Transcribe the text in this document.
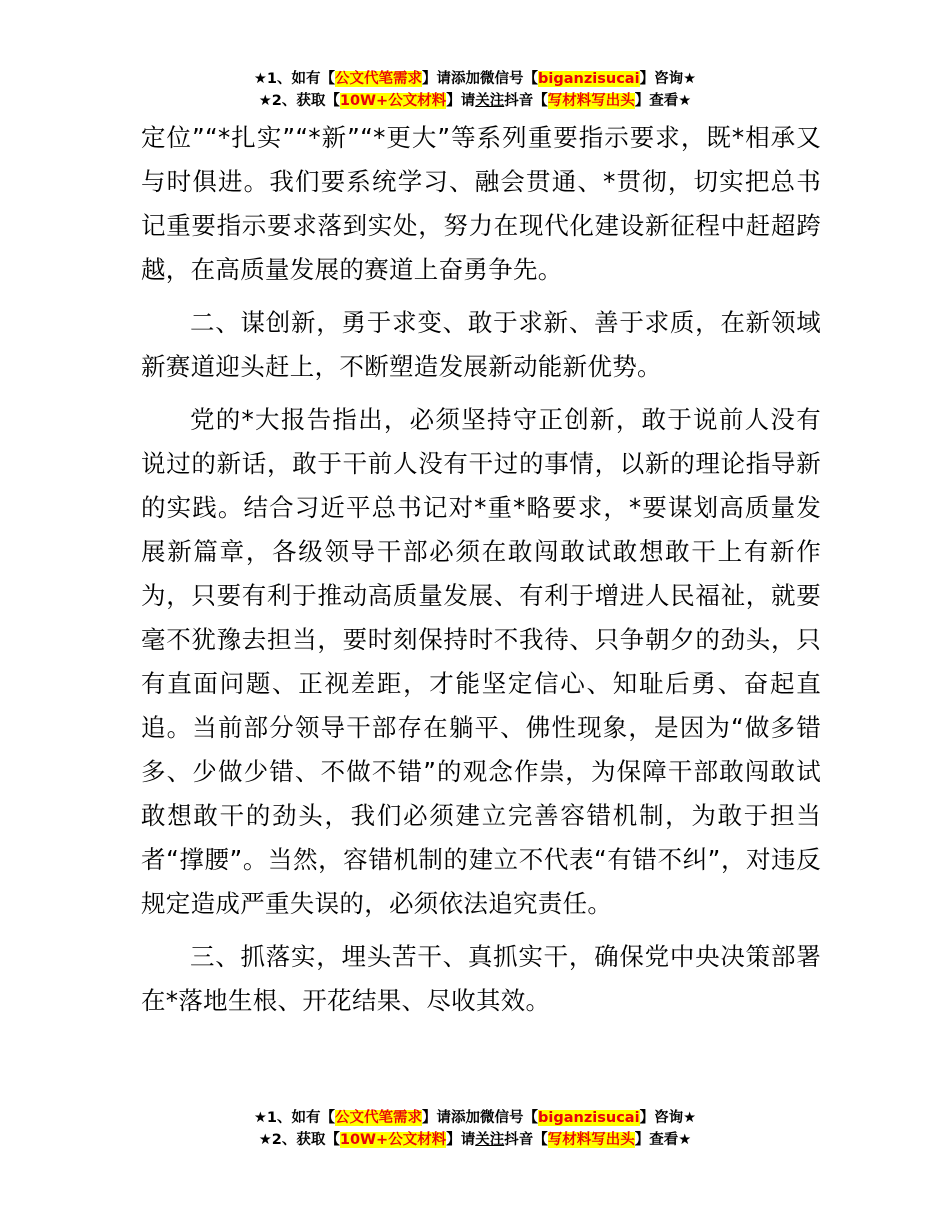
★1、如有【公文代笔需求】请添加微信号【biganzisucai】咨询★
★2、获取【10W+公文材料】请关注抖音【写材料写出头】查看★

定位”“*扎实”“*新”“*更大”等系列重要指示要求，既*相承又与时俱进。我们要系统学习、融会贯通、*贯彻，切实把总书记重要指示要求落到实处，努力在现代化建设新征程中赶超跨越，在高质量发展的赛道上奋勇争先。

二、谋创新，勇于求变、敢于求新、善于求质，在新领域新赛道迎头赶上，不断塑造发展新动能新优势。

党的*大报告指出，必须坚持守正创新，敢于说前人没有说过的新话，敢于干前人没有干过的事情，以新的理论指导新的实践。结合习近平总书记对*重*略要求，*要谋划高质量发展新篇章，各级领导干部必须在敢闯敢试敢想敢干上有新作为，只要有利于推动高质量发展、有利于增进人民福祉，就要毫不犹豫去担当，要时刻保持时不我待、只争朝夕的劲头，只有直面问题、正视差距，才能坚定信心、知耻后勇、奋起直追。当前部分领导干部存在躺平、佛性现象，是因为“做多错多、少做少错、不做不错”的观念作祟，为保障干部敢闯敢试敢想敢干的劲头，我们必须建立完善容错机制，为敢于担当者“撑腰”。当然，容错机制的建立不代表“有错不纠”，对违反规定造成严重失误的，必须依法追究责任。

三、抓落实，埋头苦干、真抓实干，确保党中央决策部署在*落地生根、开花结果、尽收其效。

★1、如有【公文代笔需求】请添加微信号【biganzisucai】咨询★
★2、获取【10W+公文材料】请关注抖音【写材料写出头】查看★
